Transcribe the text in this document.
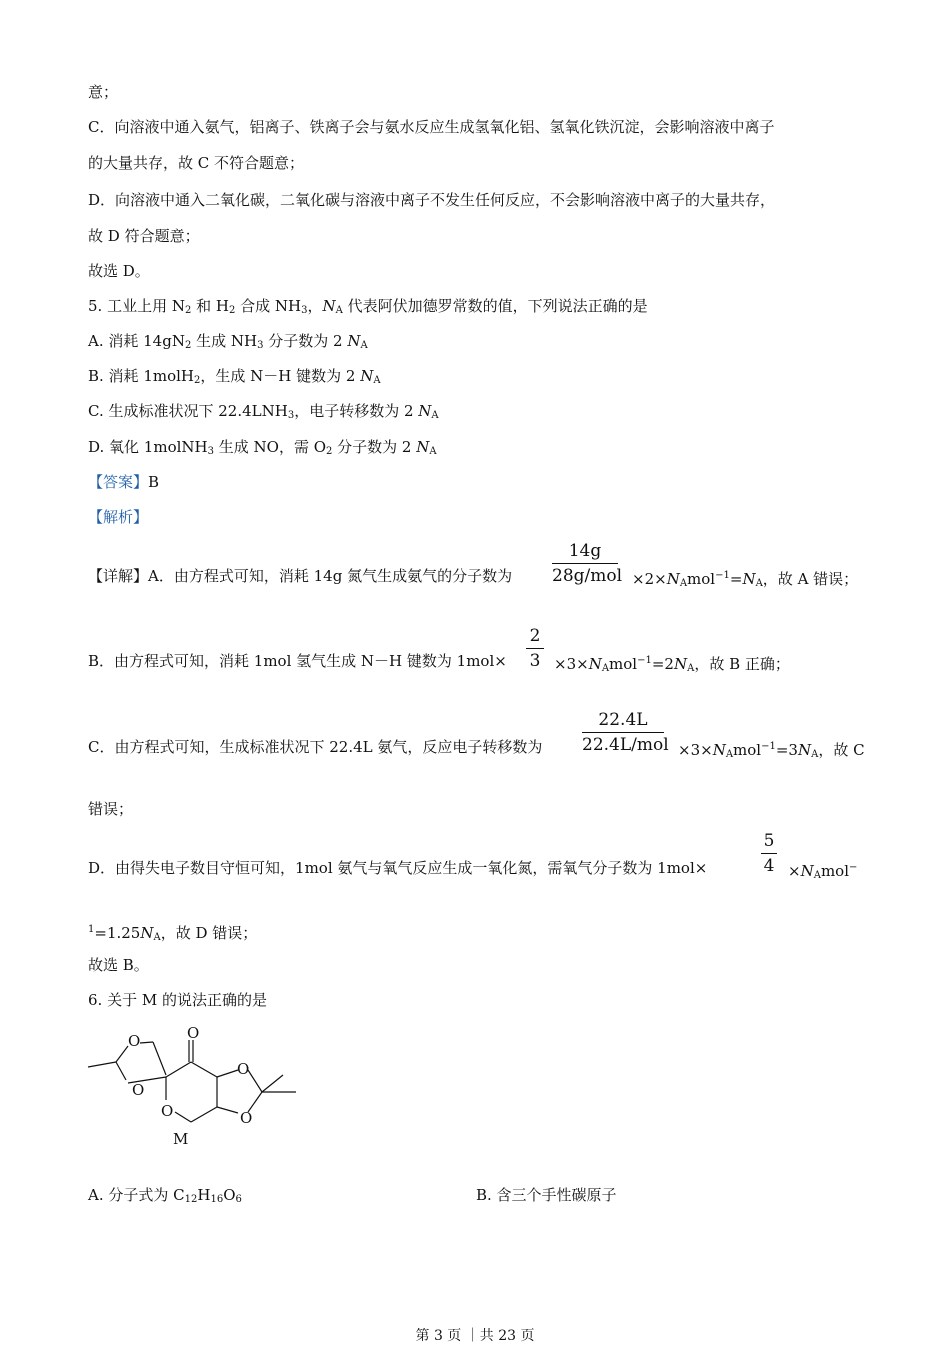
意；
C．向溶液中通入氨气，铝离子、铁离子会与氨水反应生成氢氧化铝、氢氧化铁沉淀，会影响溶液中离子
的大量共存，故 C 不符合题意；
D．向溶液中通入二氧化碳，二氧化碳与溶液中离子不发生任何反应，不会影响溶液中离子的大量共存，
故 D 符合题意；
故选 D。
5. 工业上用 $N_2$ 和 $H_2$ 合成 $NH_3$，$N_A$ 代表阿伏加德罗常数的值，下列说法正确的是
A. 消耗 $14gN_2$ 生成 $NH_3$ 分子数为 2 $N_A$
B. 消耗 1molH$_2$，生成 N－H 键数为 2 $N_A$
C. 生成标准状况下 $22.4LNH_3$，电子转移数为 2 $N_A$
D. 氧化 1molNH$_3$ 生成 NO，需 $O_2$ 分子数为 2 $N_A$
【答案】B
【解析】
【详解】A．由方程式可知，消耗 14g 氮气生成氨气的分子数为
14g
$28g/mol \times 2\times N_Amol^{-1}=N_A$，故 A 错误；
B．由方程式可知，消耗 1mol 氢气生成 N－H 键数为 1mol×
2
$3 \times 3\times N_Amol^{-1}=2N_A$，故 B 正确；
C．由方程式可知，生成标准状况下 22.4L 氨气，反应电子转移数为
22.4L
$22.4L/mol \times 3\times N_Amol^{-1}=3N_A$，故 C
错误；
D．由得失电子数目守恒可知，1mol 氨气与氧气反应生成一氧化氮，需氧气分子数为 1mol×
5
$4 \times N_Amol^-$
$^1=1.25N_A$，故 D 错误；
故选 B。
6. 关于 M 的说法正确的是
O
O
O
O
O
O
M
A. 分子式为 $C_{12}H_{16}O_6$	B. 含三个手性碳原子
第 3 页 ｜共 23 页
